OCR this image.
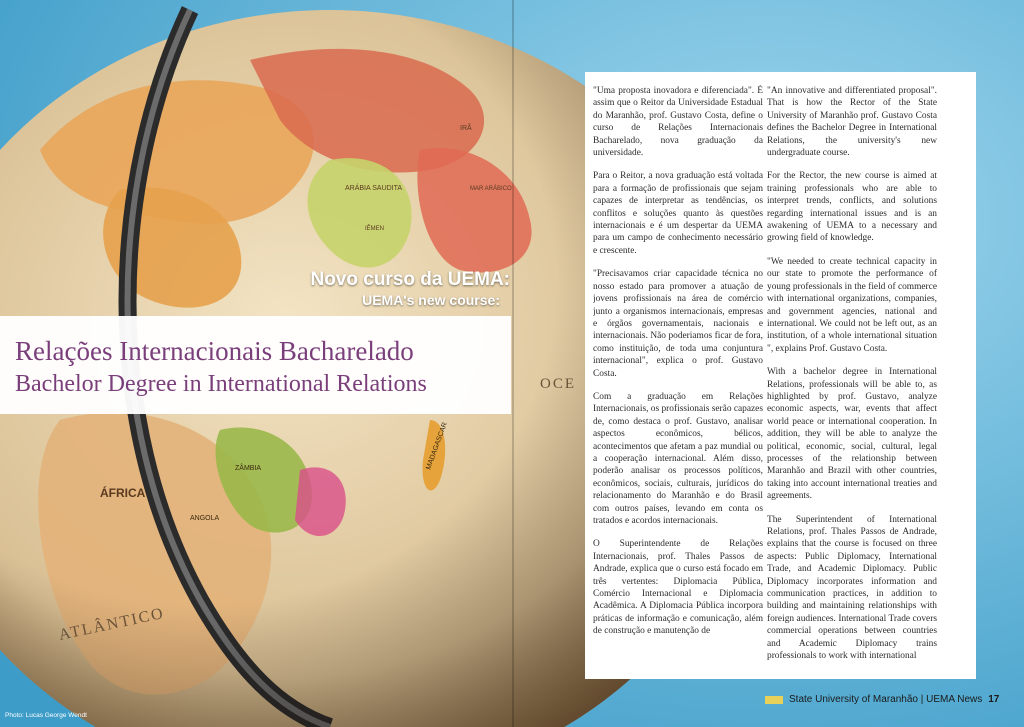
ARÁBIA SAUDITA	MAR ARÁBICO
IÊMEN
IRÃ
OCE
ÁFRICA
ZÂMBIA
ANGOLA
MADAGASCAR
ATLÂNTICO
Novo curso da UEMA:
UEMA's new course:
Relações Internacionais Bacharelado
Bachelor Degree in International Relations

"Uma proposta inovadora e diferenciada". É assim que o Reitor da Universidade Estadual do Maranhão, prof. Gustavo Costa, define o curso de Relações Internacionais Bacharelado, nova graduação da universidade.

Para o Reitor, a nova graduação está voltada para a formação de profissionais que sejam capazes de interpretar as tendências, os conflitos e soluções quanto às questões internacionais e é um despertar da UEMA para um campo de conhecimento necessário e crescente.

"Precisavamos criar capacidade técnica no nosso estado para promover a atuação de jovens profissionais na área de comércio junto a organismos internacionais, empresas e órgãos governamentais, nacionais e internacionais. Não poderiamos ficar de fora, como instituição, de toda uma conjuntura internacional", explica o prof. Gustavo Costa.

Com a graduação em Relações Internacionais, os profissionais serão capazes de, como destaca o prof. Gustavo, analisar aspectos econômicos, bélicos, acontecimentos que afetam a paz mundial ou a cooperação internacional. Além disso, poderão analisar os processos políticos, econômicos, sociais, culturais, jurídicos do relacionamento do Maranhão e do Brasil com outros países, levando em conta os tratados e acordos internacionais.

O Superintendente de Relações Internacionais, prof. Thales Passos de Andrade, explica que o curso está focado em três vertentes: Diplomacia Pública, Comércio Internacional e Diplomacia Acadêmica. A Diplomacia Pública incorpora práticas de informação e comunicação, além de construção e manutenção de

"An innovative and differentiated proposal". That is how the Rector of the State University of Maranhão prof. Gustavo Costa defines the Bachelor Degree in International Relations, the university's new undergraduate course.

For the Rector, the new course is aimed at training professionals who are able to interpret trends, conflicts, and solutions regarding international issues and is an awakening of UEMA to a necessary and growing field of knowledge.

"We needed to create technical capacity in our state to promote the performance of young professionals in the field of commerce with international organizations, companies, and government agencies, national and international. We could not be left out, as an institution, of a whole international situation ", explains Prof. Gustavo Costa.

With a bachelor degree in International Relations, professionals will be able to, as highlighted by prof. Gustavo, analyze economic aspects, war, events that affect world peace or international cooperation. In addition, they will be able to analyze the political, economic, social, cultural, legal processes of the relationship between Maranhão and Brazil with other countries, taking into account international treaties and agreements.

The Superintendent of International Relations, prof. Thales Passos de Andrade, explains that the course is focused on three aspects: Public Diplomacy, International Trade, and Academic Diplomacy. Public Diplomacy incorporates information and communication practices, in addition to building and maintaining relationships with foreign audiences. International Trade covers commercial operations between countries and Academic Diplomacy trains professionals to work with international

State University of Maranhão | UEMA News 17
Photo: Lucas George Wendt
